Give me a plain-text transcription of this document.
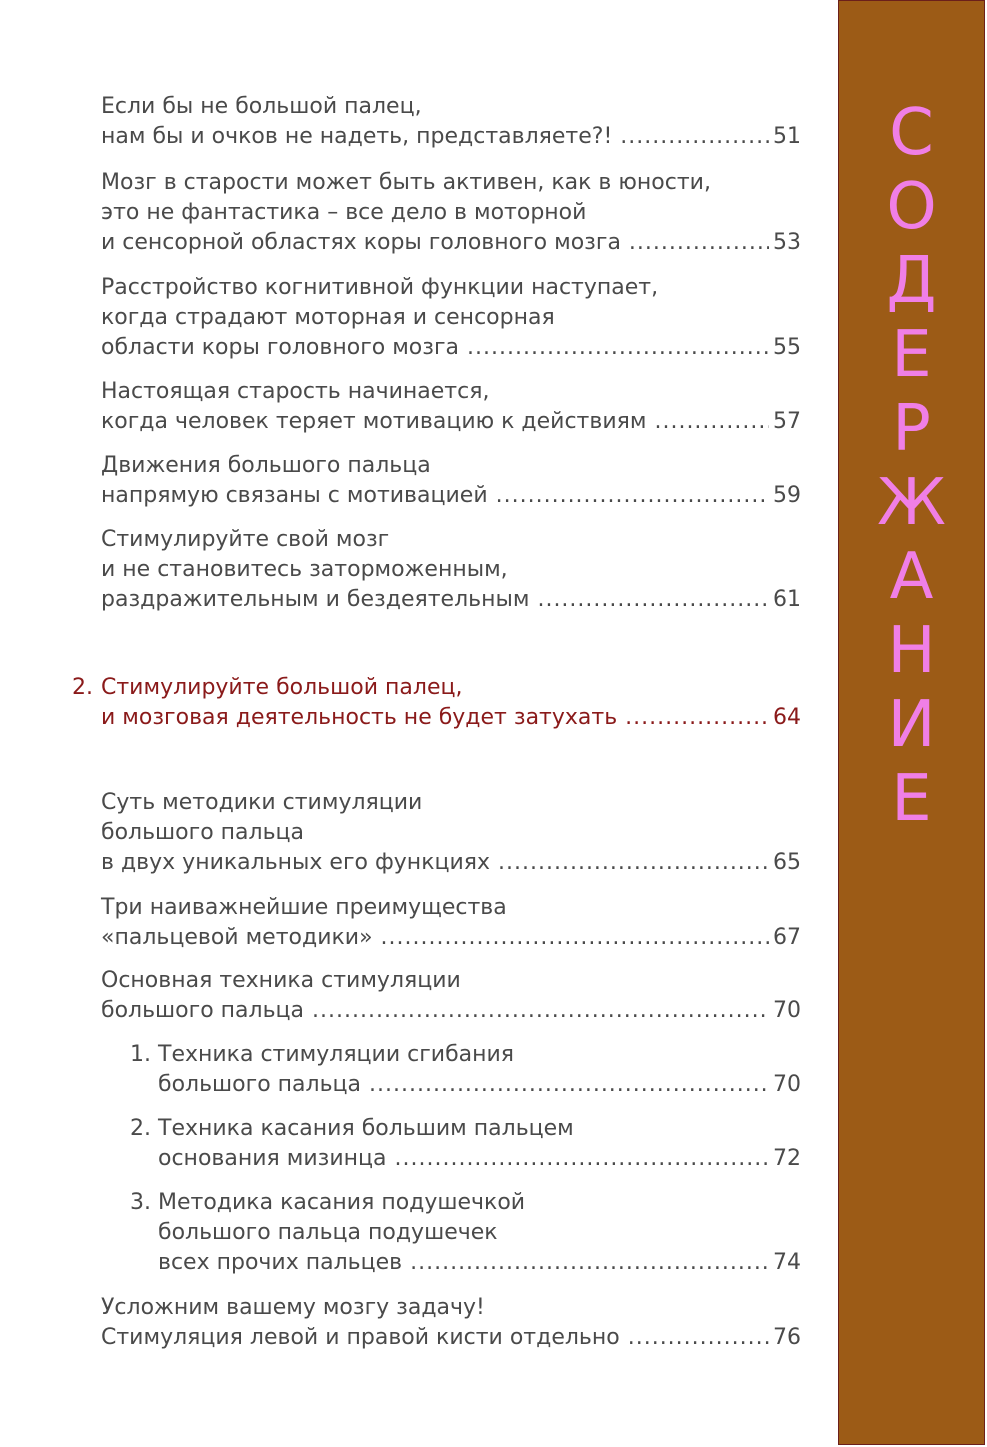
Если бы не большой палец,
нам бы и очков не надеть, представляете?! .....	51
Мозг в старости может быть активен, как в юности,
это не фантастика – все дело в моторной
и сенсорной областях коры головного мозга .....	53
Расстройство когнитивной функции наступает,
когда страдают моторная и сенсорная
области коры головного мозга .....	55
Настоящая старость начинается,
когда человек теряет мотивацию к действиям .....	57
Движения большого пальца
напрямую связаны с мотивацией .....	59
Стимулируйте свой мозг
и не становитесь заторможенным,
раздражительным и бездеятельным .....	61
2. Стимулируйте большой палец,
и мозговая деятельность не будет затухать .....	64
Суть методики стимуляции
большого пальца
в двух уникальных его функциях .....	65
Три наиважнейшие преимущества
«пальцевой методики» .....	67
Основная техника стимуляции
большого пальца .....	70
1. Техника стимуляции сгибания
большого пальца .....	70
2. Техника касания большим пальцем
основания мизинца .....	72
3. Методика касания подушечкой
большого пальца подушечек
всех прочих пальцев .....	74
Усложним вашему мозгу задачу!
Стимуляция левой и правой кисти отдельно .....	76
С
О
Д
Е
Р
Ж
А
Н
И
Е
